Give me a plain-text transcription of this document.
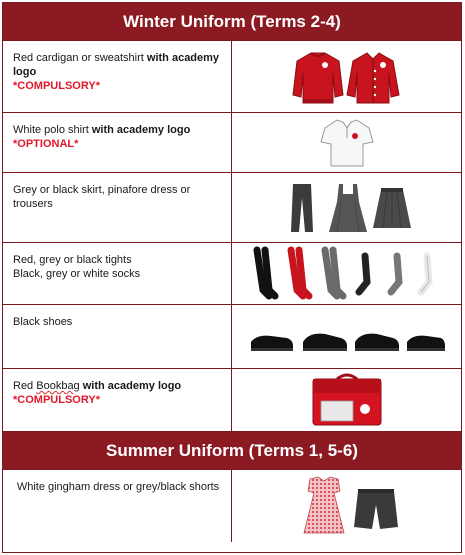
Winter Uniform (Terms 2-4)
Red cardigan or sweatshirt with academy logo
*COMPULSORY*
White polo shirt with academy logo
*OPTIONAL*
Grey or black skirt, pinafore dress or trousers
Red, grey or black tights
Black, grey or white socks
Black shoes
Red Bookbag with academy logo
*COMPULSORY*
Summer Uniform (Terms 1, 5-6)
White gingham dress or grey/black shorts
